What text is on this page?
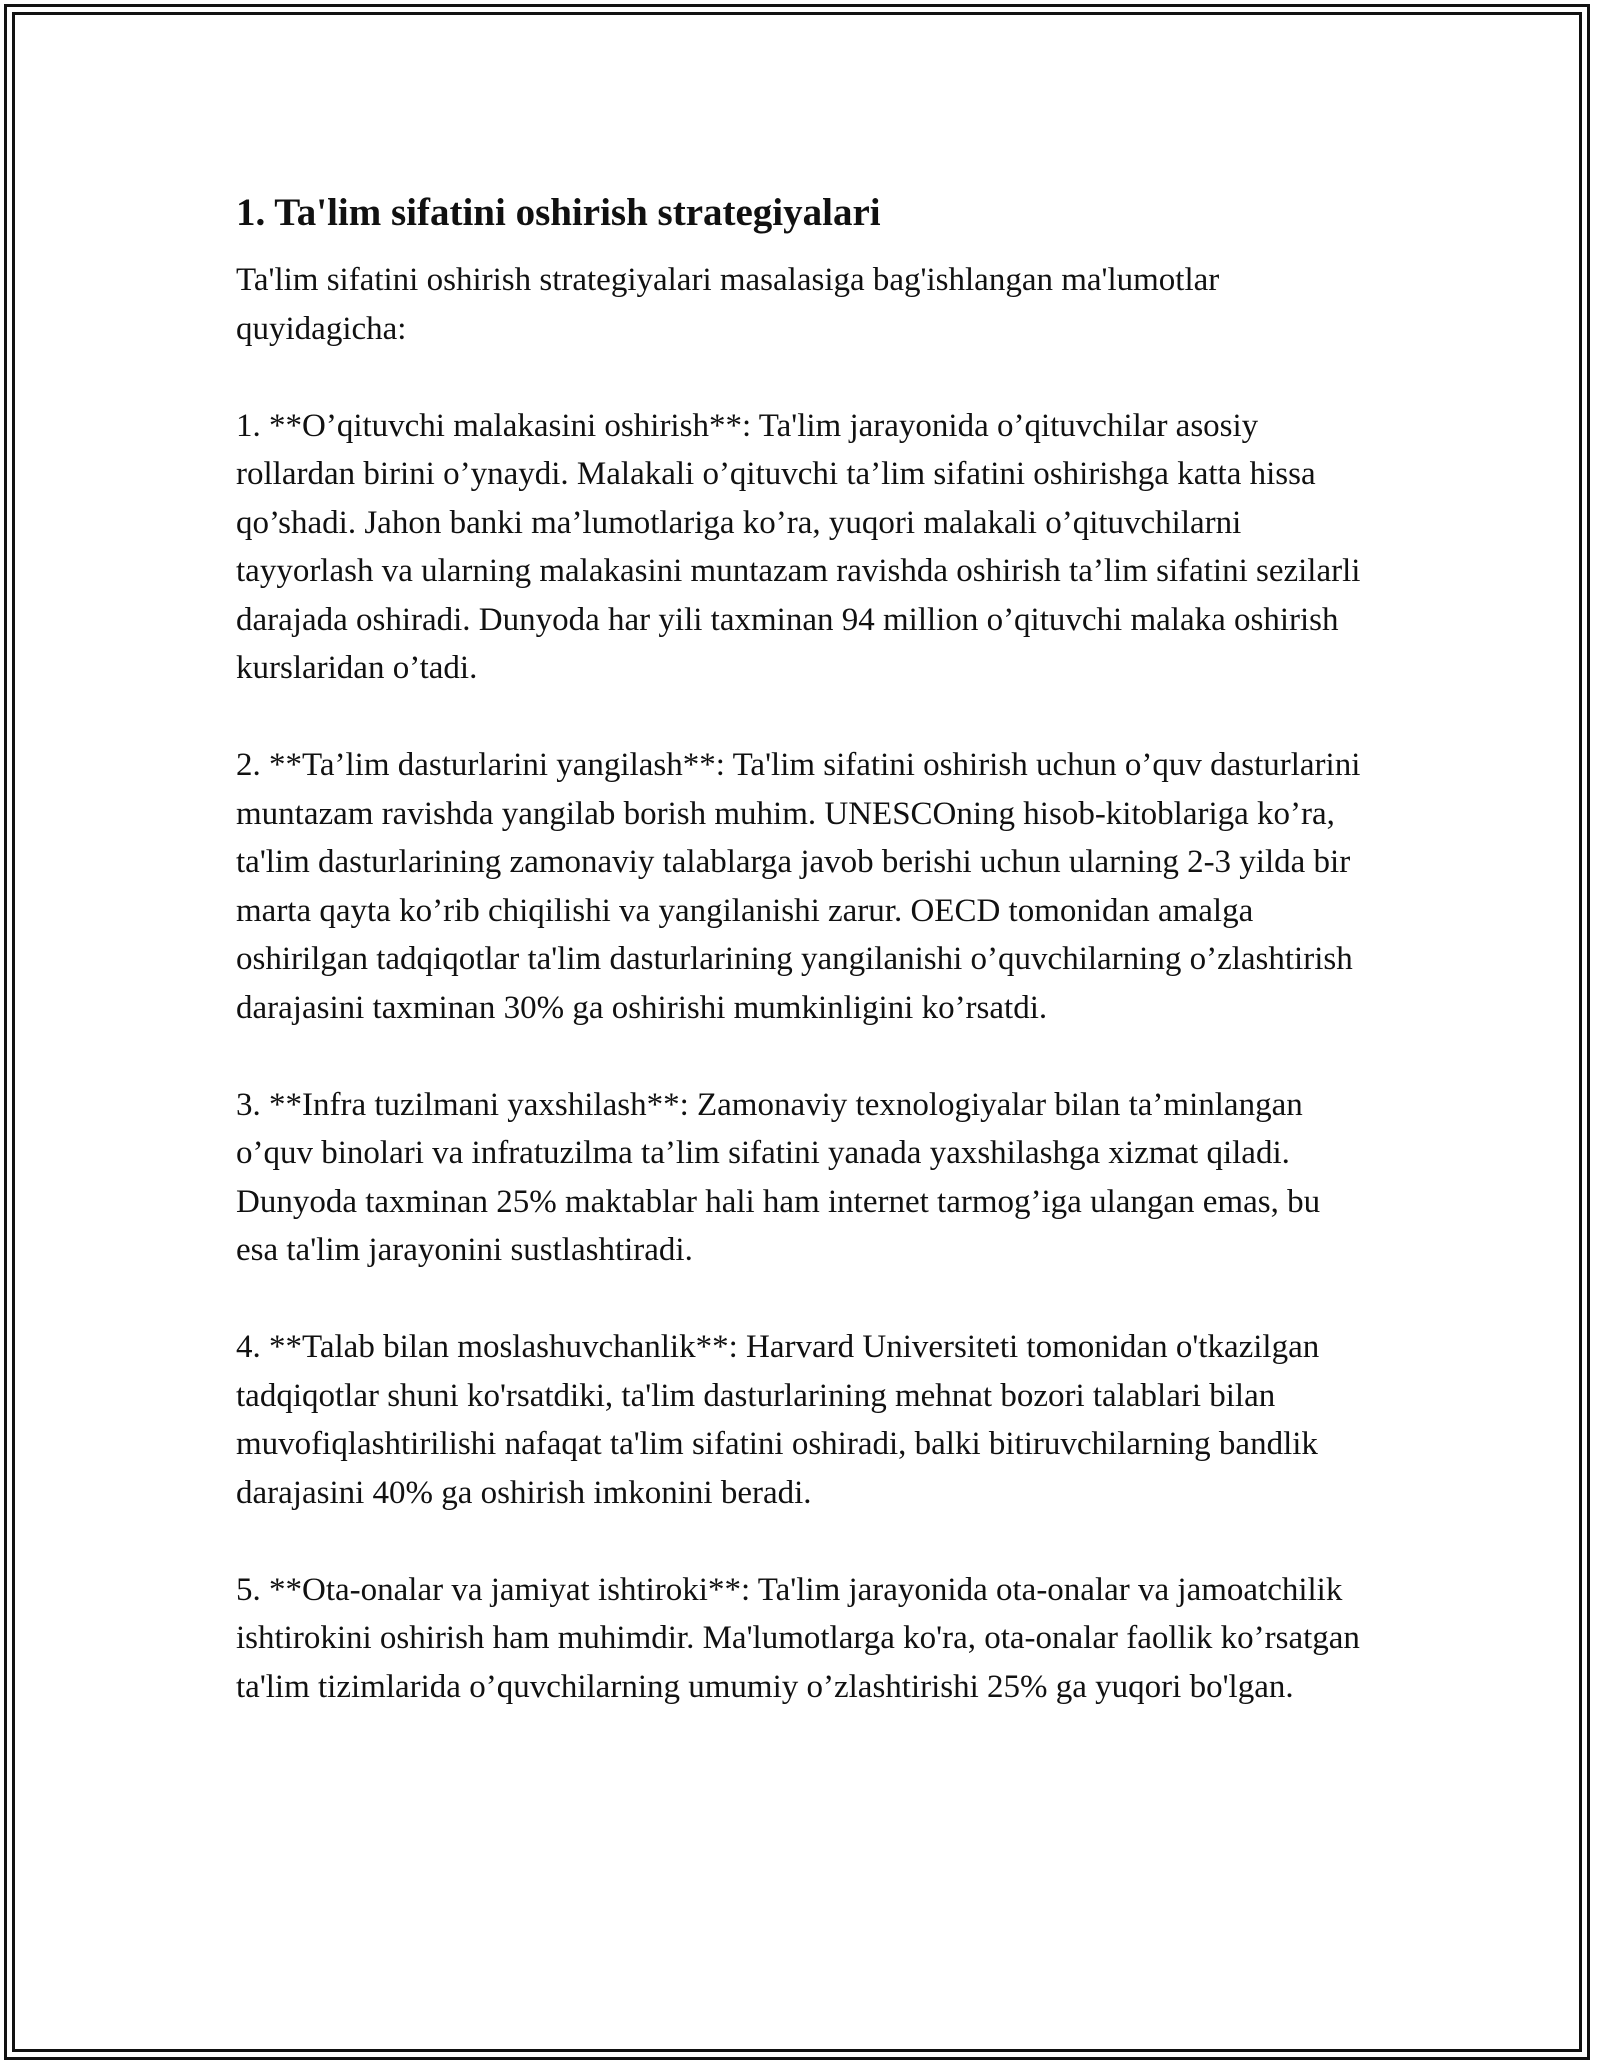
1. Ta'lim sifatini oshirish strategiyalari

Ta'lim sifatini oshirish strategiyalari masalasiga bag'ishlangan ma'lumotlar quyidagicha:

1. **O’qituvchi malakasini oshirish**: Ta'lim jarayonida o’qituvchilar asosiy rollardan birini o’ynaydi. Malakali o’qituvchi ta’lim sifatini oshirishga katta hissa qo’shadi. Jahon banki ma’lumotlariga ko’ra, yuqori malakali o’qituvchilarni tayyorlash va ularning malakasini muntazam ravishda oshirish ta’lim sifatini sezilarli darajada oshiradi. Dunyoda har yili taxminan 94 million o’qituvchi malaka oshirish kurslaridan o’tadi.

2. **Ta’lim dasturlarini yangilash**: Ta'lim sifatini oshirish uchun o’quv dasturlarini muntazam ravishda yangilab borish muhim. UNESCOning hisob-kitoblariga ko’ra, ta'lim dasturlarining zamonaviy talablarga javob berishi uchun ularning 2-3 yilda bir marta qayta ko’rib chiqilishi va yangilanishi zarur. OECD tomonidan amalga oshirilgan tadqiqotlar ta'lim dasturlarining yangilanishi o’quvchilarning o’zlashtirish darajasini taxminan 30% ga oshirishi mumkinligini ko’rsatdi.

3. **Infra tuzilmani yaxshilash**: Zamonaviy texnologiyalar bilan ta’minlangan o’quv binolari va infratuzilma ta’lim sifatini yanada yaxshilashga xizmat qiladi. Dunyoda taxminan 25% maktablar hali ham internet tarmog’iga ulangan emas, bu esa ta'lim jarayonini sustlashtiradi.

4. **Talab bilan moslashuvchanlik**: Harvard Universiteti tomonidan o'tkazilgan tadqiqotlar shuni ko'rsatdiki, ta'lim dasturlarining mehnat bozori talablari bilan muvofiqlashtirilishi nafaqat ta'lim sifatini oshiradi, balki bitiruvchilarning bandlik darajasini 40% ga oshirish imkonini beradi.

5. **Ota-onalar va jamiyat ishtiroki**: Ta'lim jarayonida ota-onalar va jamoatchilik ishtirokini oshirish ham muhimdir. Ma'lumotlarga ko'ra, ota-onalar faollik ko’rsatgan ta'lim tizimlarida o’quvchilarning umumiy o’zlashtirishi 25% ga yuqori bo'lgan.
